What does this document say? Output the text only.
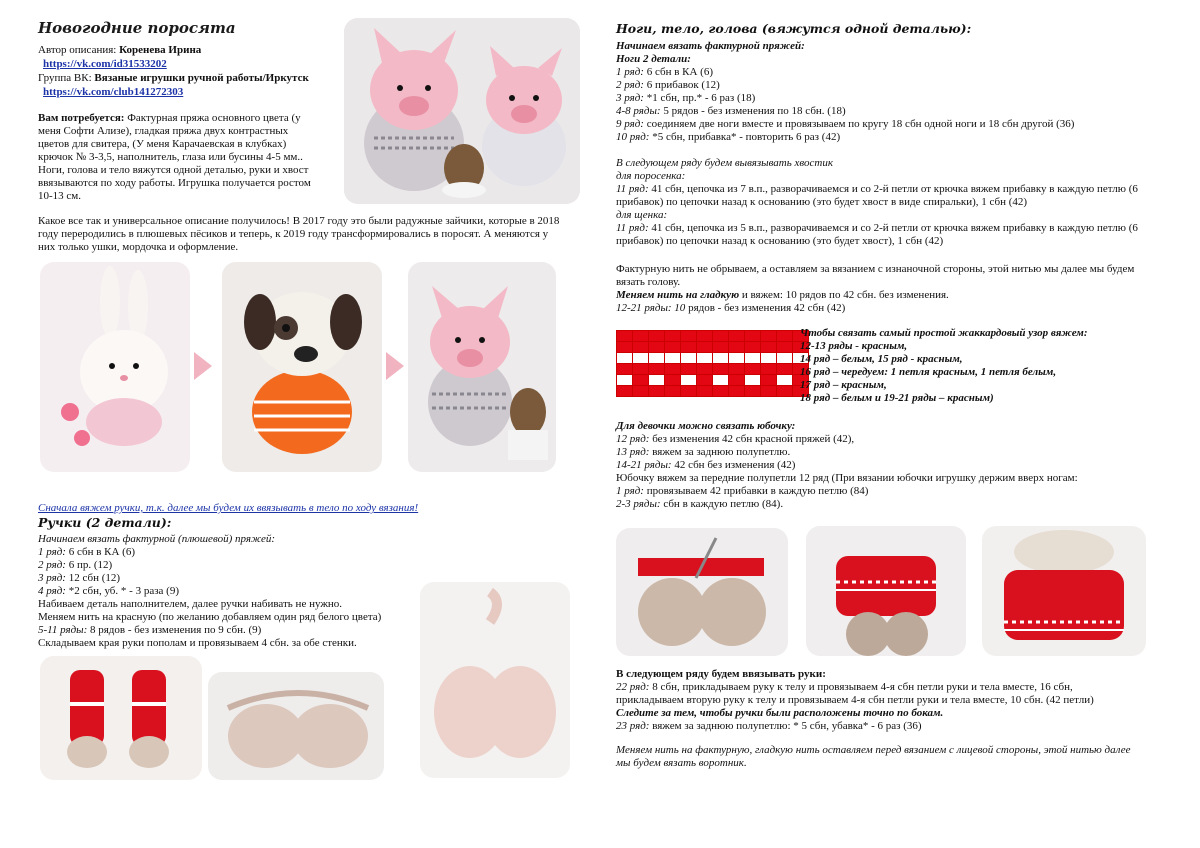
Новогодние поросята
Автор описания: Коренева Ирина
https://vk.com/id31533202
Группа ВК: Вязаные игрушки ручной работы/Иркутск
https://vk.com/club141272303
Вам потребуется: Фактурная пряжа основного цвета (у
меня Софти Ализе), гладкая пряжа двух контрастных
цветов для свитера, (У меня Карачаевская в клубках)
крючок № 3-3,5, наполнитель, глаза или бусины 4-5 мм..
Ноги, голова и тело вяжутся одной деталью, руки и хвост
ввязываются по ходу работы. Игрушка получается ростом
10-13 см.
Какое все так и универсальное описание получилось! В 2017 году это были радужные зайчики, которые в 2018
году переродились в плюшевых пёсиков и теперь, к 2019 году трансформировались в поросят. А меняются у
них только ушки, мордочка и оформление.
Сначала вяжем ручки, т.к. далее мы будем их ввязывать в тело по ходу вязания!
Ручки (2 детали):
Начинаем вязать фактурной (плюшевой) пряжей:
1 ряд: 6 сбн в КА (6)
2 ряд: 6 пр. (12)
3 ряд: 12 сбн (12)
4 ряд: *2 сбн, уб. * - 3 раза (9)
Набиваем деталь наполнителем, далее ручки набивать не нужно.
Меняем нить на красную (по желанию добавляем один ряд белого цвета)
5-11 ряды: 8 рядов - без изменения по 9 сбн. (9)
Складываем края руки пополам и провязываем 4 сбн. за обе стенки.
Ноги, тело, голова (вяжутся одной деталью):
Начинаем вязать фактурной пряжей:
Ноги 2 детали:
1 ряд: 6 сбн в КА (6)
2 ряд: 6 прибавок (12)
3 ряд: *1 сбн, пр.* - 6 раз (18)
4-8 ряды: 5 рядов - без изменения по 18 сбн. (18)
9 ряд: соединяем две ноги вместе и провязываем по кругу 18 сбн одной ноги и 18 сбн другой (36)
10 ряд: *5 сбн, прибавка* - повторить 6 раз (42)
В следующем ряду будем вывязывать хвостик
для поросенка:
11 ряд: 41 сбн, цепочка из 7 в.п., разворачиваемся и со 2-й петли от крючка вяжем прибавку в каждую петлю (6
прибавок) по цепочки назад к основанию (это будет хвост в виде спиральки), 1 сбн (42)
для щенка:
11 ряд: 41 сбн, цепочка из 5 в.п., разворачиваемся и со 2-й петли от крючка вяжем прибавку в каждую петлю (6
прибавок) по цепочки назад к основанию (это будет хвост), 1 сбн (42)
Фактурную нить не обрываем, а оставляем за вязанием с изнаночной стороны, этой нитью мы далее мы будем
вязать голову.
Меняем нить на гладкую и вяжем: 10 рядов по 42 сбн. без изменения.
12-21 ряды: 10 рядов - без изменения 42 сбн (42)
Чтобы связать самый простой жаккардовый узор вяжем:
12-13 ряды - красным,
14 ряд – белым, 15 ряд - красным,
16 ряд – чередуем: 1 петля красным, 1 петля белым,
17 ряд – красным,
18 ряд – белым и 19-21 ряды – красным)
Для девочки можно связать юбочку:
12 ряд: без изменения 42 сбн красной пряжей (42),
13 ряд: вяжем за заднюю полупетлю.
14-21 ряды: 42 сбн без изменения (42)
Юбочку вяжем за передние полупетли 12 ряд (При вязании юбочки игрушку держим вверх ногам:
1 ряд: провязываем 42 прибавки в каждую петлю (84)
2-3 ряды: сбн в каждую петлю (84).
В следующем ряду будем ввязывать руки:
22 ряд: 8 сбн, прикладываем руку к телу и провязываем 4-я сбн петли руки и тела вместе, 16 сбн,
прикладываем вторую руку к телу и провязываем 4-я сбн петли руки и тела вместе, 10 сбн. (42 петли)
Следите за тем, чтобы ручки были расположены точно по бокам.
23 ряд: вяжем за заднюю полупетлю: * 5 сбн, убавка* - 6 раз (36)
Меняем нить на фактурную, гладкую нить оставляем перед вязанием с лицевой стороны, этой нитью далее
мы будем вязать воротник.
